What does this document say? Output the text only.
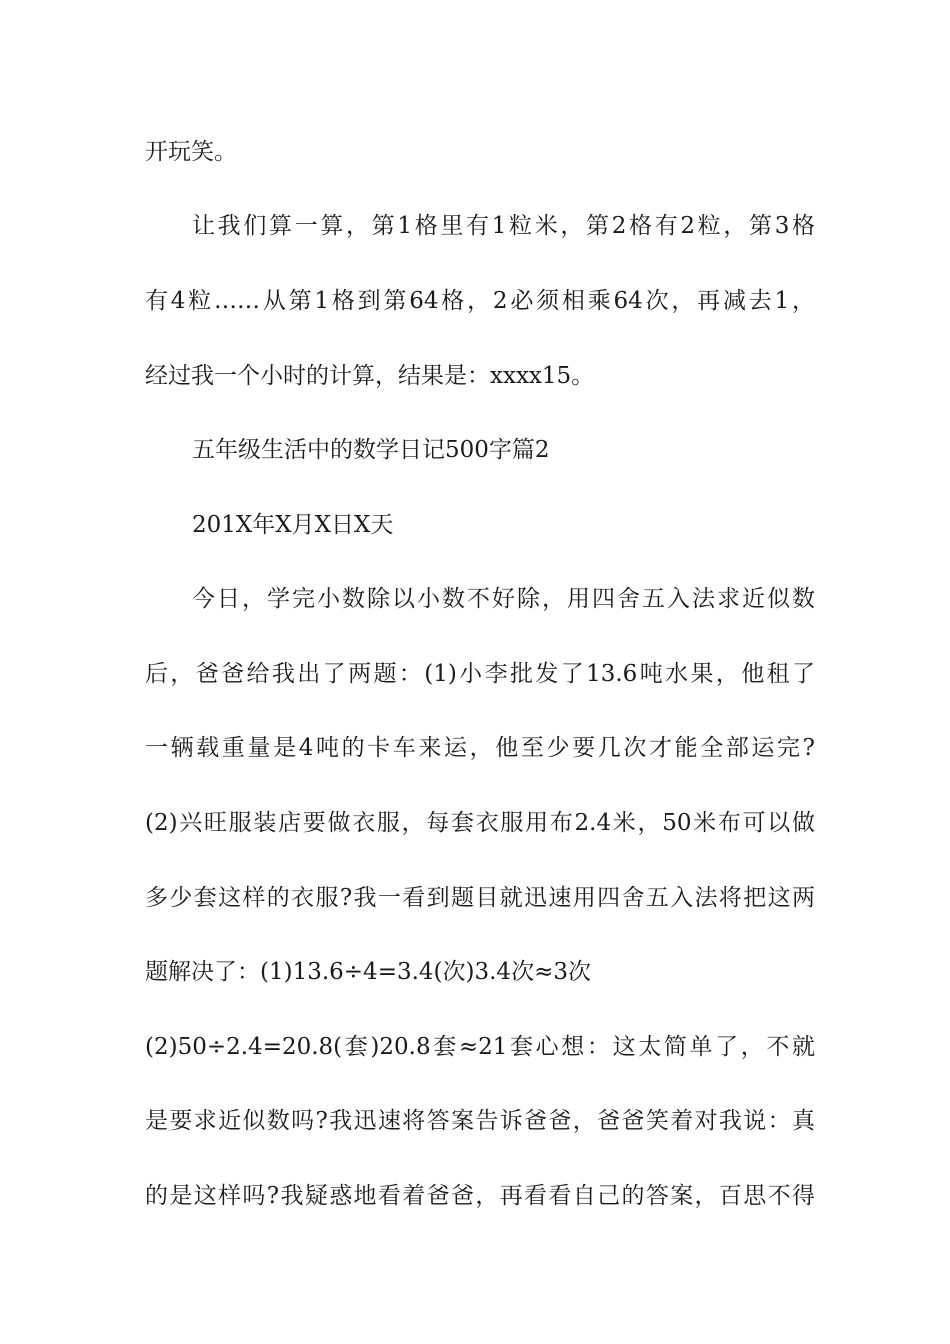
开玩笑。
让我们算一算，第1格里有1粒米，第2格有2粒，第3格
有4粒……从第1格到第64格，2必须相乘64次，再减去1，
经过我一个小时的计算，结果是：xxxx15。
五年级生活中的数学日记500字篇2
201X年X月X日X天
今日，学完小数除以小数不好除，用四舍五入法求近似数
后，爸爸给我出了两题：(1)小李批发了13.6吨水果，他租了
一辆载重量是4吨的卡车来运，他至少要几次才能全部运完?
(2)兴旺服装店要做衣服，每套衣服用布2.4米，50米布可以做
多少套这样的衣服?我一看到题目就迅速用四舍五入法将把这两
题解决了：(1)13.6÷4=3.4(次)3.4次≈3次
(2)50÷2.4=20.8(套)20.8套≈21套心想：这太简单了，不就
是要求近似数吗?我迅速将答案告诉爸爸，爸爸笑着对我说：真
的是这样吗?我疑惑地看着爸爸，再看看自己的答案，百思不得
